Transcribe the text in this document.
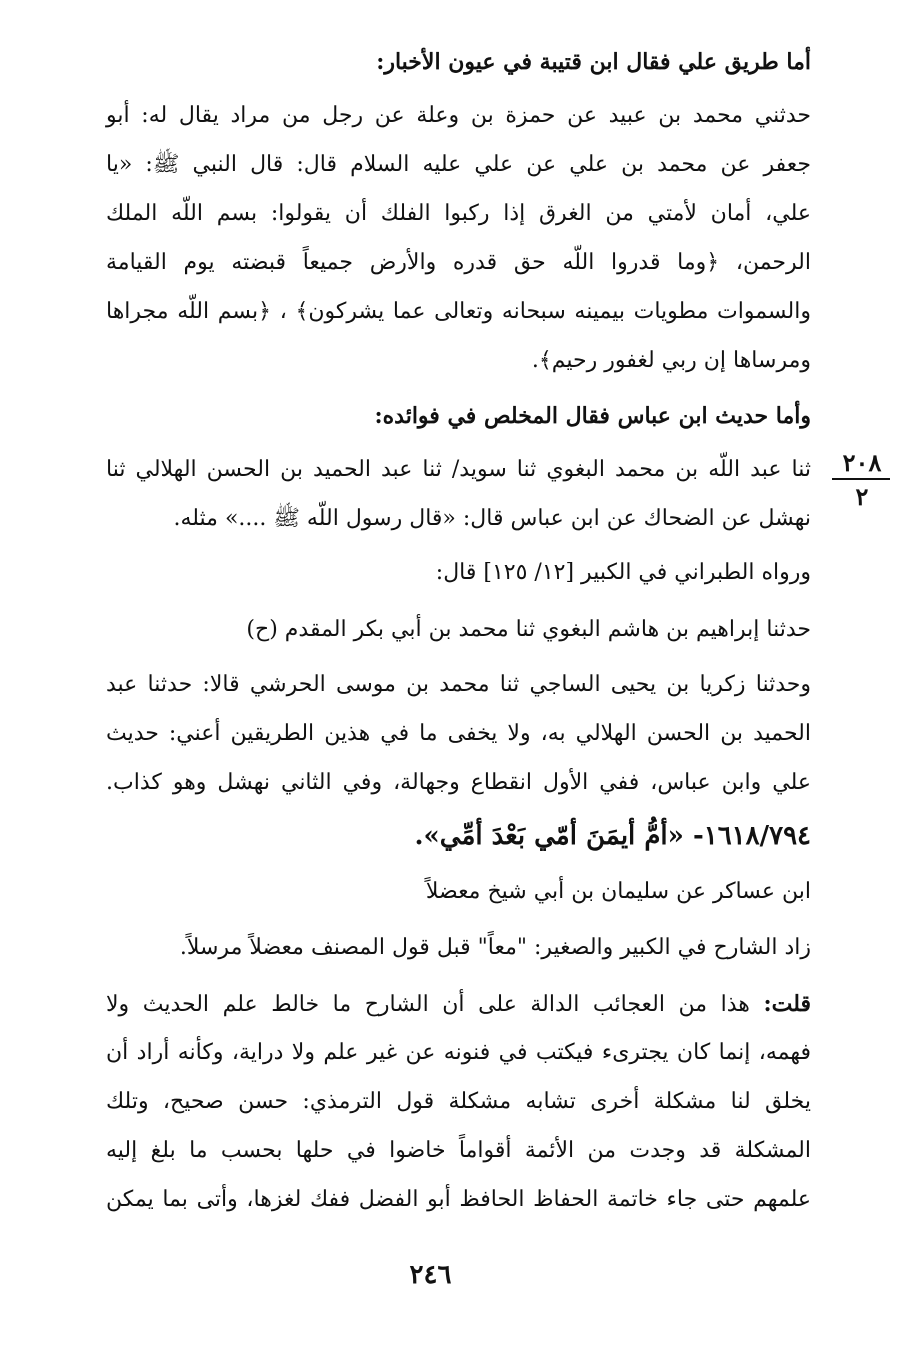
أما طريق علي فقال ابن قتيبة في عيون الأخبار:
حدثني محمد بن عبيد عن حمزة بن وعلة عن رجل من مراد يقال له: أبو
جعفر عن محمد بن علي عن علي عليه السلام قال: قال النبي ﷺ: «يا
علي، أمان لأمتي من الغرق إذا ركبوا الفلك أن يقولوا: بسم اللّه الملك
الرحمن، ﴿وما قدروا اللّه حق قدره والأرض جميعاً قبضته يوم القيامة
والسموات مطويات بيمينه سبحانه وتعالى عما يشركون﴾ ، ﴿بسم اللّه مجراها
ومرساها إن ربي لغفور رحيم﴾.
وأما حديث ابن عباس فقال المخلص في فوائده:
ثنا عبد اللّه بن محمد البغوي ثنا سويد/ ثنا عبد الحميد بن الحسن الهلالي ثنا
نهشل عن الضحاك عن ابن عباس قال: «قال رسول اللّه ﷺ ....» مثله.
ورواه الطبراني في الكبير [١٢/ ١٢٥] قال:
حدثنا إبراهيم بن هاشم البغوي ثنا محمد بن أبي بكر المقدم (ح)
وحدثنا زكريا بن يحيى الساجي ثنا محمد بن موسى الحرشي قالا: حدثنا عبد
الحميد بن الحسن الهلالي به، ولا يخفى ما في هذين الطريقين أعني: حديث
علي وابن عباس، ففي الأول انقطاع وجهالة، وفي الثاني نهشل وهو كذاب.
١٦١٨/٧٩٤- «أمُّ أيمَنَ أمّي بَعْدَ أمِّي».
ابن عساكر عن سليمان بن أبي شيخ معضلاً
زاد الشارح في الكبير والصغير: "معاً" قبل قول المصنف معضلاً مرسلاً.
قلت: هذا من العجائب الدالة على أن الشارح ما خالط علم الحديث ولا
فهمه، إنما كان يجترىء فيكتب في فنونه عن غير علم ولا دراية، وكأنه أراد أن
يخلق لنا مشكلة أخرى تشابه مشكلة قول الترمذي: حسن صحيح، وتلك
المشكلة قد وجدت من الأئمة أقواماً خاضوا في حلها بحسب ما بلغ إليه
علمهم حتى جاء خاتمة الحفاظ الحافظ أبو الفضل ففك لغزها، وأتى بما يمكن
٢٠٨
٢
٢٤٦
